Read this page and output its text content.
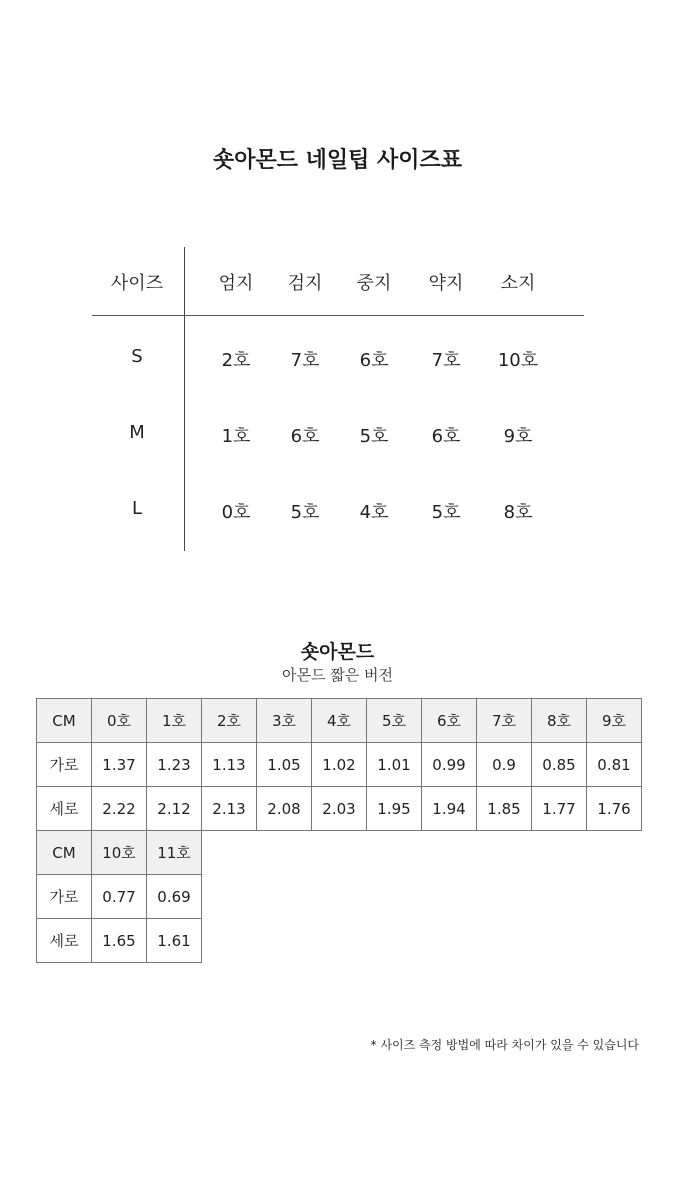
숏아몬드 네일팁 사이즈표
사이즈	엄지 검지 중지 약지 소지
S	2호 7호 6호 7호 10호
M	1호 6호 5호 6호 9호
L	0호 5호 4호 5호 8호
숏아몬드
아몬드 짧은 버전
CM	0호	1호	2호	3호	4호	5호	6호	7호	8호	9호
가로	1.37	1.23	1.13	1.05	1.02	1.01	0.99	0.9	0.85	0.81
세로	2.22	2.12	2.13	2.08	2.03	1.95	1.94	1.85	1.77	1.76
CM	10호	11호
가로	0.77	0.69
세로	1.65	1.61
* 사이즈 측정 방법에 따라 차이가 있을 수 있습니다
